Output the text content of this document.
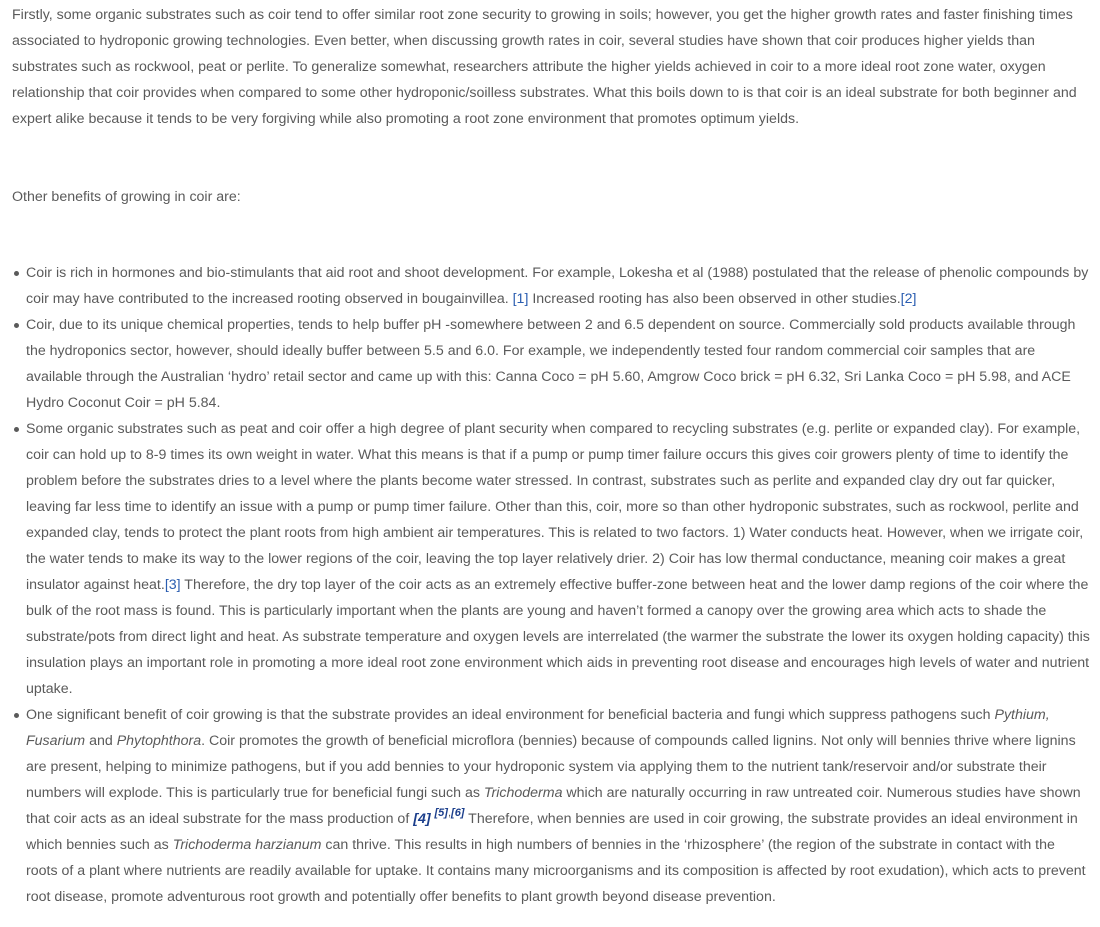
Firstly, some organic substrates such as coir tend to offer similar root zone security to growing in soils; however, you get the higher growth rates and faster finishing times associated to hydroponic growing technologies. Even better, when discussing growth rates in coir, several studies have shown that coir produces higher yields than substrates such as rockwool, peat or perlite. To generalize somewhat, researchers attribute the higher yields achieved in coir to a more ideal root zone water, oxygen relationship that coir provides when compared to some other hydroponic/soilless substrates. What this boils down to is that coir is an ideal substrate for both beginner and expert alike because it tends to be very forgiving while also promoting a root zone environment that promotes optimum yields.

Other benefits of growing in coir are:

Coir is rich in hormones and bio-stimulants that aid root and shoot development. For example, Lokesha et al (1988) postulated that the release of phenolic compounds by coir may have contributed to the increased rooting observed in bougainvillea. [1] Increased rooting has also been observed in other studies.[2]
Coir, due to its unique chemical properties, tends to help buffer pH -somewhere between 2 and 6.5 dependent on source. Commercially sold products available through the hydroponics sector, however, should ideally buffer between 5.5 and 6.0. For example, we independently tested four random commercial coir samples that are available through the Australian ‘hydro’ retail sector and came up with this: Canna Coco = pH 5.60, Amgrow Coco brick = pH 6.32, Sri Lanka Coco = pH 5.98, and ACE Hydro Coconut Coir = pH 5.84.
Some organic substrates such as peat and coir offer a high degree of plant security when compared to recycling substrates (e.g. perlite or expanded clay). For example, coir can hold up to 8-9 times its own weight in water. What this means is that if a pump or pump timer failure occurs this gives coir growers plenty of time to identify the problem before the substrates dries to a level where the plants become water stressed. In contrast, substrates such as perlite and expanded clay dry out far quicker, leaving far less time to identify an issue with a pump or pump timer failure. Other than this, coir, more so than other hydroponic substrates, such as rockwool, perlite and expanded clay, tends to protect the plant roots from high ambient air temperatures. This is related to two factors. 1) Water conducts heat. However, when we irrigate coir, the water tends to make its way to the lower regions of the coir, leaving the top layer relatively drier. 2) Coir has low thermal conductance, meaning coir makes a great insulator against heat.[3] Therefore, the dry top layer of the coir acts as an extremely effective buffer-zone between heat and the lower damp regions of the coir where the bulk of the root mass is found. This is particularly important when the plants are young and haven’t formed a canopy over the growing area which acts to shade the substrate/pots from direct light and heat. As substrate temperature and oxygen levels are interrelated (the warmer the substrate the lower its oxygen holding capacity) this insulation plays an important role in promoting a more ideal root zone environment which aids in preventing root disease and encourages high levels of water and nutrient uptake.
One significant benefit of coir growing is that the substrate provides an ideal environment for beneficial bacteria and fungi which suppress pathogens such Pythium, Fusarium and Phytophthora. Coir promotes the growth of beneficial microflora (bennies) because of compounds called lignins. Not only will bennies thrive where lignins are present, helping to minimize pathogens, but if you add bennies to your hydroponic system via applying them to the nutrient tank/reservoir and/or substrate their numbers will explode. This is particularly true for beneficial fungi such as Trichoderma which are naturally occurring in raw untreated coir. Numerous studies have shown that coir acts as an ideal substrate for the mass production of [4] [5],[6] Therefore, when bennies are used in coir growing, the substrate provides an ideal environment in which bennies such as Trichoderma harzianum can thrive. This results in high numbers of bennies in the ‘rhizosphere’ (the region of the substrate in contact with the roots of a plant where nutrients are readily available for uptake. It contains many microorganisms and its composition is affected by root exudation), which acts to prevent root disease, promote adventurous root growth and potentially offer benefits to plant growth beyond disease prevention.
